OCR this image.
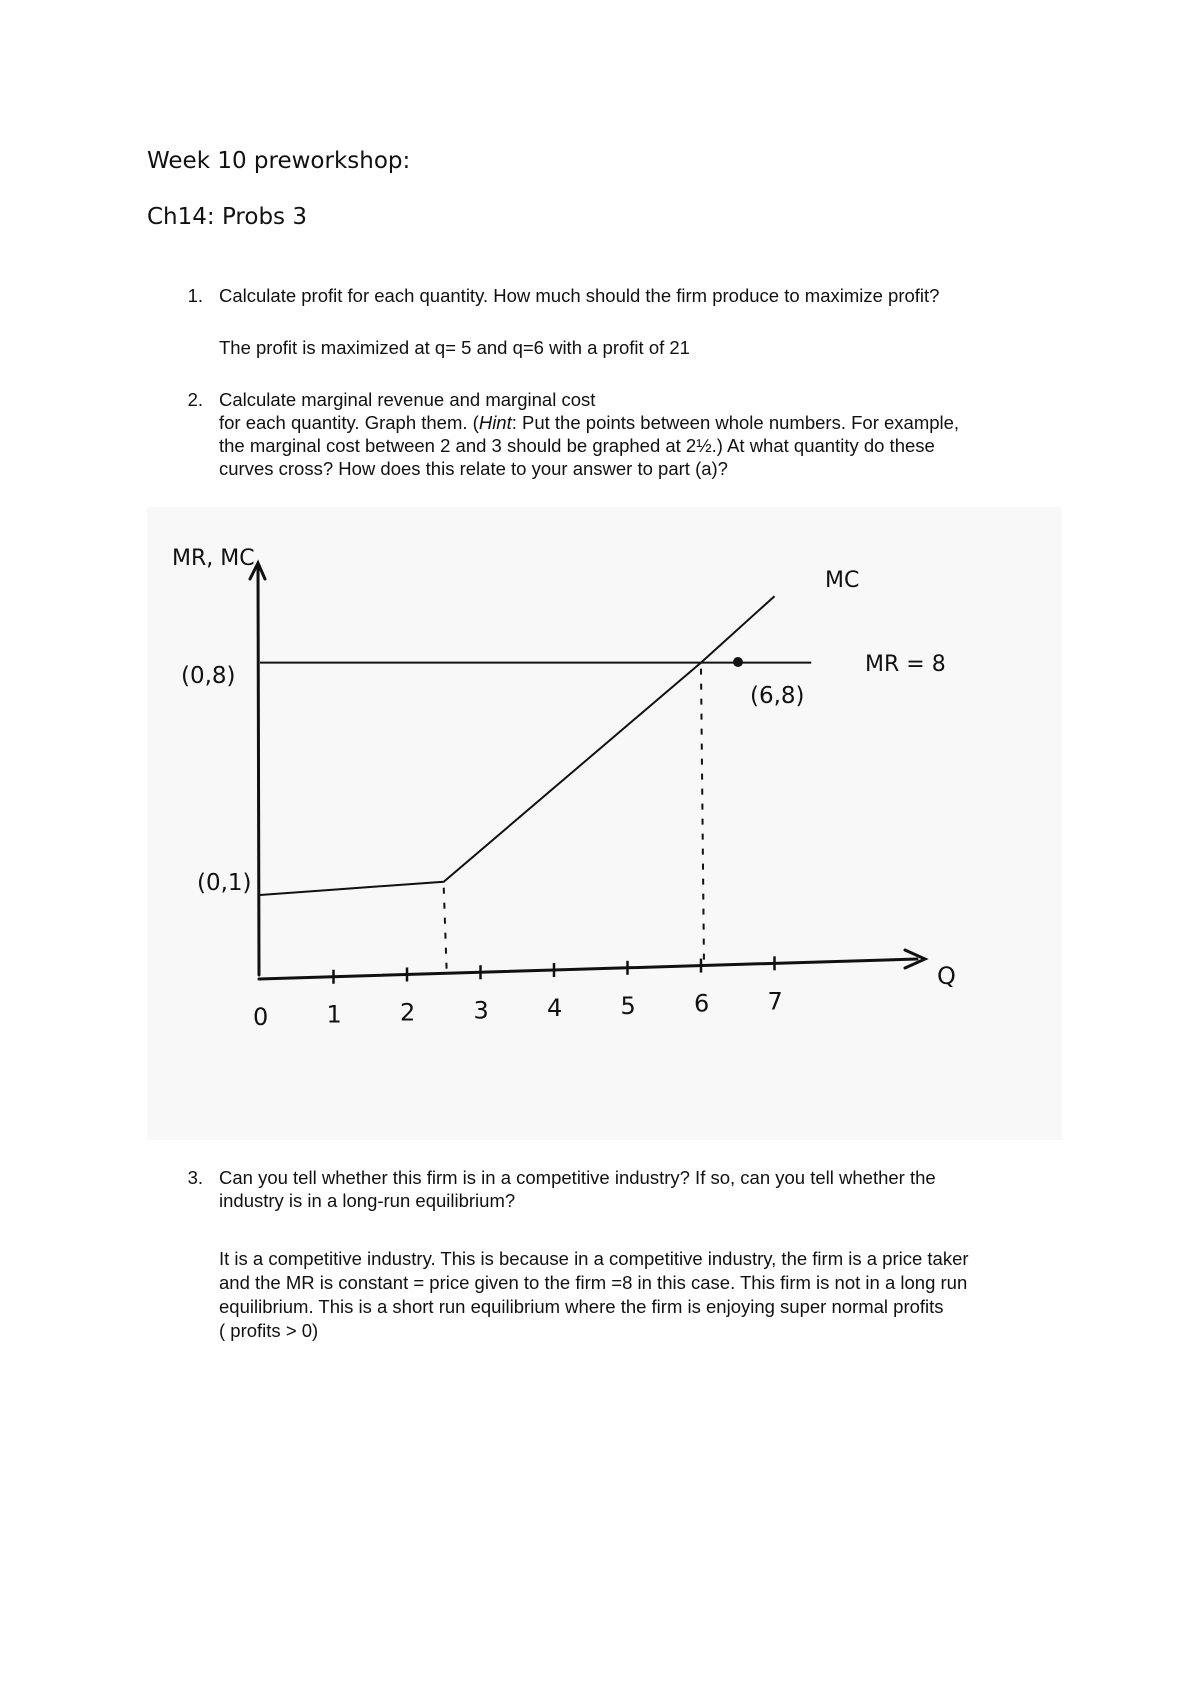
Week 10 preworkshop:
Ch14: Probs 3
1. Calculate profit for each quantity. How much should the firm produce to maximize profit?
The profit is maximized at q= 5 and q=6 with a profit of 21
2. Calculate marginal revenue and marginal cost
for each quantity. Graph them. (Hint: Put the points between whole numbers. For example,
the marginal cost between 2 and 3 should be graphed at 2½.) At what quantity do these
curves cross? How does this relate to your answer to part (a)?
0 1 2 3 4 5 6 7
MR, MC
Q
MR = 8
MC
(0,8)
(0,1)
(6,8)
3. Can you tell whether this firm is in a competitive industry? If so, can you tell whether the
industry is in a long-run equilibrium?
It is a competitive industry. This is because in a competitive industry, the firm is a price taker
and the MR is constant = price given to the firm =8 in this case. This firm is not in a long run
equilibrium. This is a short run equilibrium where the firm is enjoying super normal profits
( profits > 0)
